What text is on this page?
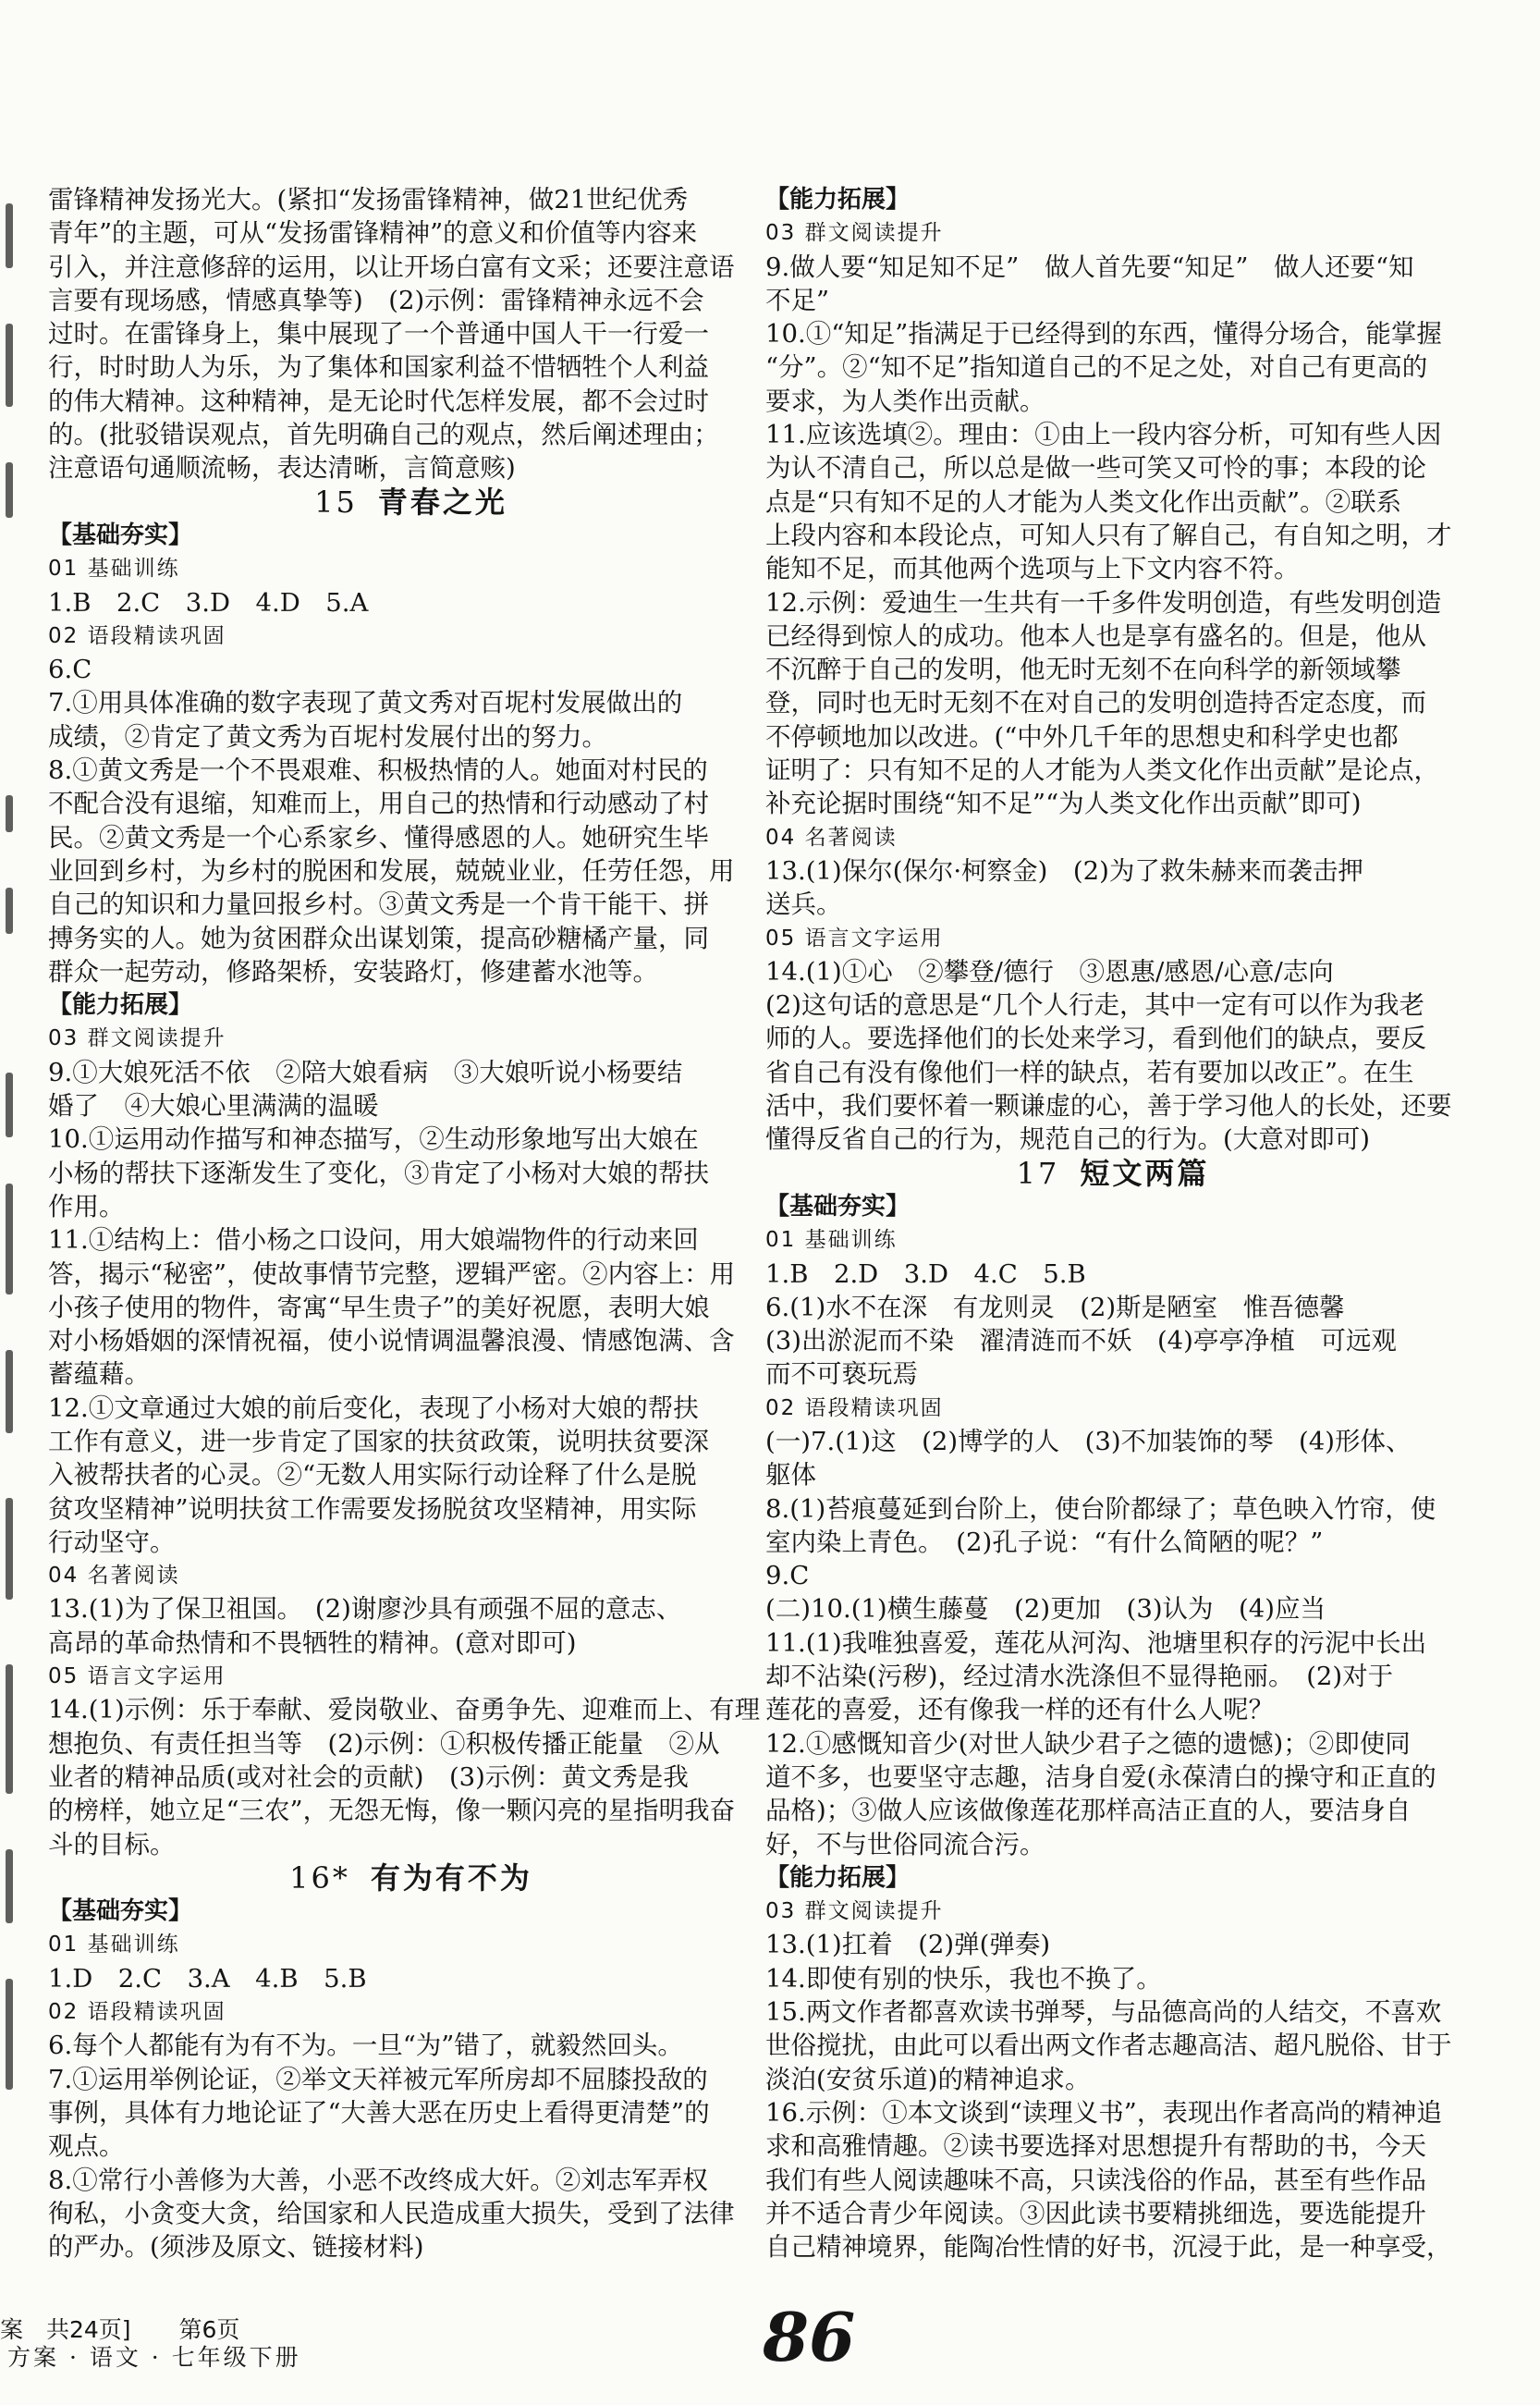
雷锋精神发扬光大。(紧扣“发扬雷锋精神，做21世纪优秀

青年”的主题，可从“发扬雷锋精神”的意义和价值等内容来

引入，并注意修辞的运用，以让开场白富有文采；还要注意语

言要有现场感，情感真挚等)　(2)示例：雷锋精神永远不会

过时。在雷锋身上，集中展现了一个普通中国人干一行爱一

行，时时助人为乐，为了集体和国家利益不惜牺牲个人利益

的伟大精神。这种精神，是无论时代怎样发展，都不会过时

的。(批驳错误观点，首先明确自己的观点，然后阐述理由；

注意语句通顺流畅，表达清晰，言简意赅)

15 青春之光

【基础夯实】

01 基础训练

1.B　2.C　3.D　4.D　5.A

02 语段精读巩固

6.C

7.①用具体准确的数字表现了黄文秀对百坭村发展做出的

成绩，②肯定了黄文秀为百坭村发展付出的努力。

8.①黄文秀是一个不畏艰难、积极热情的人。她面对村民的

不配合没有退缩，知难而上，用自己的热情和行动感动了村

民。②黄文秀是一个心系家乡、懂得感恩的人。她研究生毕

业回到乡村，为乡村的脱困和发展，兢兢业业，任劳任怨，用

自己的知识和力量回报乡村。③黄文秀是一个肯干能干、拼

搏务实的人。她为贫困群众出谋划策，提高砂糖橘产量，同

群众一起劳动，修路架桥，安装路灯，修建蓄水池等。

【能力拓展】

03 群文阅读提升

9.①大娘死活不依　②陪大娘看病　③大娘听说小杨要结

婚了　④大娘心里满满的温暖

10.①运用动作描写和神态描写，②生动形象地写出大娘在

小杨的帮扶下逐渐发生了变化，③肯定了小杨对大娘的帮扶

作用。

11.①结构上：借小杨之口设问，用大娘端物件的行动来回

答，揭示“秘密”，使故事情节完整，逻辑严密。②内容上：用

小孩子使用的物件，寄寓“早生贵子”的美好祝愿，表明大娘

对小杨婚姻的深情祝福，使小说情调温馨浪漫、情感饱满、含

蓄蕴藉。

12.①文章通过大娘的前后变化，表现了小杨对大娘的帮扶

工作有意义，进一步肯定了国家的扶贫政策，说明扶贫要深

入被帮扶者的心灵。②“无数人用实际行动诠释了什么是脱

贫攻坚精神”说明扶贫工作需要发扬脱贫攻坚精神，用实际

行动坚守。

04 名著阅读

13.(1)为了保卫祖国。　(2)谢廖沙具有顽强不屈的意志、

高昂的革命热情和不畏牺牲的精神。(意对即可)

05 语言文字运用

14.(1)示例：乐于奉献、爱岗敬业、奋勇争先、迎难而上、有理

想抱负、有责任担当等　(2)示例：①积极传播正能量　②从

业者的精神品质(或对社会的贡献)　(3)示例：黄文秀是我

的榜样，她立足“三农”，无怨无悔，像一颗闪亮的星指明我奋

斗的目标。

16* 有为有不为

【基础夯实】

01 基础训练

1.D　2.C　3.A　4.B　5.B

02 语段精读巩固

6.每个人都能有为有不为。一旦“为”错了，就毅然回头。

7.①运用举例论证，②举文天祥被元军所房却不屈膝投敌的

事例，具体有力地论证了“大善大恶在历史上看得更清楚”的

观点。

8.①常行小善修为大善，小恶不改终成大奸。②刘志军弄权

徇私，小贪变大贪，给国家和人民造成重大损失，受到了法律

的严办。(须涉及原文、链接材料)

【能力拓展】

03 群文阅读提升

9.做人要“知足知不足”　做人首先要“知足”　做人还要“知

不足”

10.①“知足”指满足于已经得到的东西，懂得分场合，能掌握

“分”。②“知不足”指知道自己的不足之处，对自己有更高的

要求，为人类作出贡献。

11.应该选填②。理由：①由上一段内容分析，可知有些人因

为认不清自己，所以总是做一些可笑又可怜的事；本段的论

点是“只有知不足的人才能为人类文化作出贡献”。②联系

上段内容和本段论点，可知人只有了解自己，有自知之明，才

能知不足，而其他两个选项与上下文内容不符。

12.示例：爱迪生一生共有一千多件发明创造，有些发明创造

已经得到惊人的成功。他本人也是享有盛名的。但是，他从

不沉醉于自己的发明，他无时无刻不在向科学的新领域攀

登，同时也无时无刻不在对自己的发明创造持否定态度，而

不停顿地加以改进。(“中外几千年的思想史和科学史也都

证明了：只有知不足的人才能为人类文化作出贡献”是论点，

补充论据时围绕“知不足”“为人类文化作出贡献”即可)

04 名著阅读

13.(1)保尔(保尔·柯察金)　(2)为了救朱赫来而袭击押

送兵。

05 语言文字运用

14.(1)①心　②攀登/德行　③恩惠/感恩/心意/志向

(2)这句话的意思是“几个人行走，其中一定有可以作为我老

师的人。要选择他们的长处来学习，看到他们的缺点，要反

省自己有没有像他们一样的缺点，若有要加以改正”。在生

活中，我们要怀着一颗谦虚的心，善于学习他人的长处，还要

懂得反省自己的行为，规范自己的行为。(大意对即可)

17 短文两篇

【基础夯实】

01 基础训练

1.B　2.D　3.D　4.C　5.B

6.(1)水不在深　有龙则灵　(2)斯是陋室　惟吾德馨

(3)出淤泥而不染　濯清涟而不妖　(4)亭亭净植　可远观

而不可亵玩焉

02 语段精读巩固

(一)7.(1)这　(2)博学的人　(3)不加装饰的琴　(4)形体、

躯体

8.(1)苔痕蔓延到台阶上，使台阶都绿了；草色映入竹帘，使

室内染上青色。　(2)孔子说：“有什么简陋的呢？”

9.C

(二)10.(1)横生藤蔓　(2)更加　(3)认为　(4)应当

11.(1)我唯独喜爱，莲花从河沟、池塘里积存的污泥中长出

却不沾染(污秽)，经过清水洗涤但不显得艳丽。　(2)对于

莲花的喜爱，还有像我一样的还有什么人呢？

12.①感慨知音少(对世人缺少君子之德的遗憾)；②即使同

道不多，也要坚守志趣，洁身自爱(永葆清白的操守和正直的

品格)；③做人应该做像莲花那样高洁正直的人，要洁身自

好，不与世俗同流合污。

【能力拓展】

03 群文阅读提升

13.(1)扛着　(2)弹(弹奏)

14.即使有别的快乐，我也不换了。

15.两文作者都喜欢读书弹琴，与品德高尚的人结交，不喜欢

世俗搅扰，由此可以看出两文作者志趣高洁、超凡脱俗、甘于

淡泊(安贫乐道)的精神追求。

16.示例：①本文谈到“读理义书”，表现出作者高尚的精神追

求和高雅情趣。②读书要选择对思想提升有帮助的书，今天

我们有些人阅读趣味不高，只读浅俗的作品，甚至有些作品

并不适合青少年阅读。③因此读书要精挑细选，要选能提升

自己精神境界，能陶冶性情的好书，沉浸于此，是一种享受，

案　共24页] 第6页
方案 · 语文 · 七年级下册	86
